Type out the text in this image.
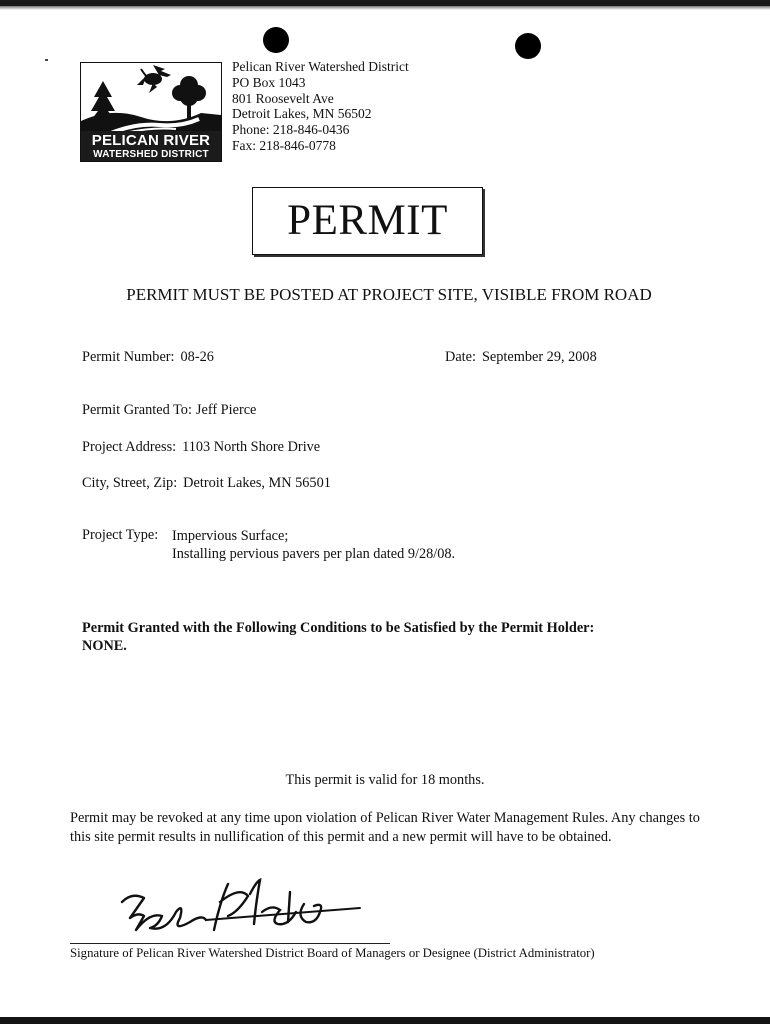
PELICAN RIVER
WATERSHED DISTRICT
Pelican River Watershed District
PO Box 1043
801 Roosevelt Ave
Detroit Lakes, MN 56502
Phone: 218-846-0436
Fax: 218-846-0778
PERMIT
PERMIT MUST BE POSTED AT PROJECT SITE, VISIBLE FROM ROAD
Permit Number: 08-26	Date: September 29, 2008
Permit Granted To: Jeff Pierce
Project Address: 1103 North Shore Drive
City, Street, Zip: Detroit Lakes, MN 56501
Project Type: Impervious Surface;
Installing pervious pavers per plan dated 9/28/08.
Permit Granted with the Following Conditions to be Satisfied by the Permit Holder:
NONE.
This permit is valid for 18 months.
Permit may be revoked at any time upon violation of Pelican River Water Management Rules. Any changes to this site permit results in nullification of this permit and a new permit will have to be obtained.
Signature of Pelican River Watershed District Board of Managers or Designee (District Administrator)
